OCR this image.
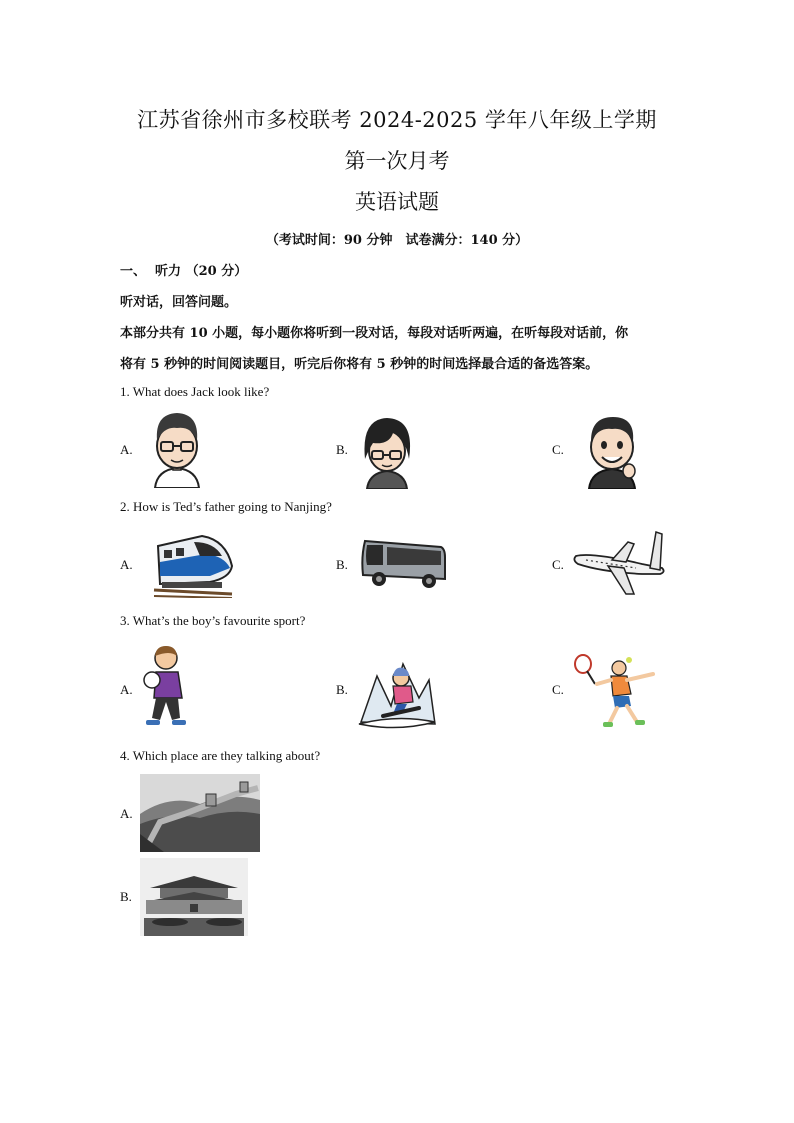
江苏省徐州市多校联考 2024-2025 学年八年级上学期
第一次月考
英语试题
（考试时间：90 分钟　试卷满分：140 分）
一、  听力 （20 分）
听对话，回答问题。
本部分共有 10 小题，每小题你将听到一段对话，每段对话听两遍，在听每段对话前，你
将有 5 秒钟的时间阅读题目，听完后你将有 5 秒钟的时间选择最合适的备选答案。
1. What does Jack look like?
A.	B.	C.
2. How is Ted’s father going to Nanjing?
A.	B.	C.
3. What’s the boy’s favourite sport?
A.	B.	C.
4. Which place are they talking about?
A.
B.
